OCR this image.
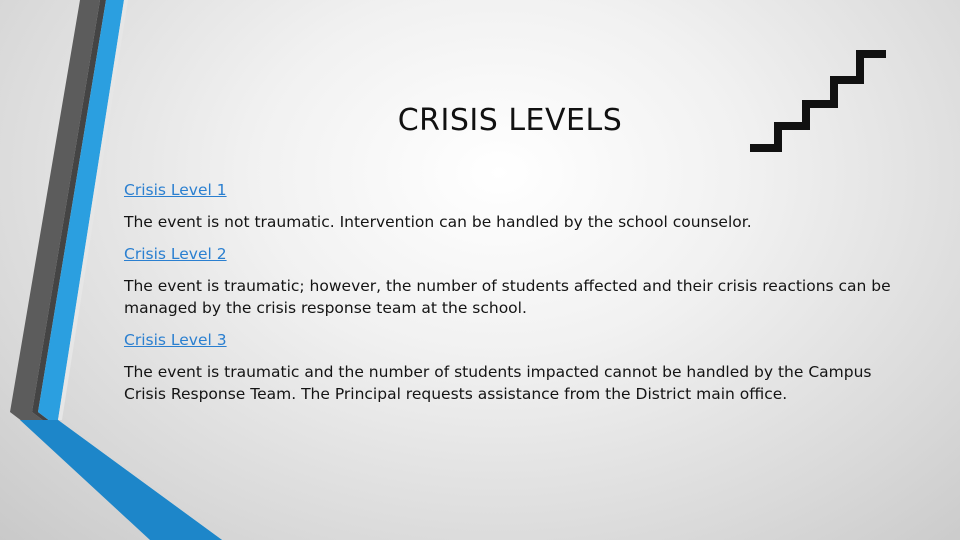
CRISIS LEVELS
Crisis Level 1

The event is not traumatic. Intervention can be handled by the school counselor.

Crisis Level 2

The event is traumatic; however, the number of students affected and their crisis reactions can be managed by the crisis response team at the school.

Crisis Level 3

The event is traumatic and the number of students impacted cannot be handled by the Campus Crisis Response Team. The Principal requests assistance from the District main office.
